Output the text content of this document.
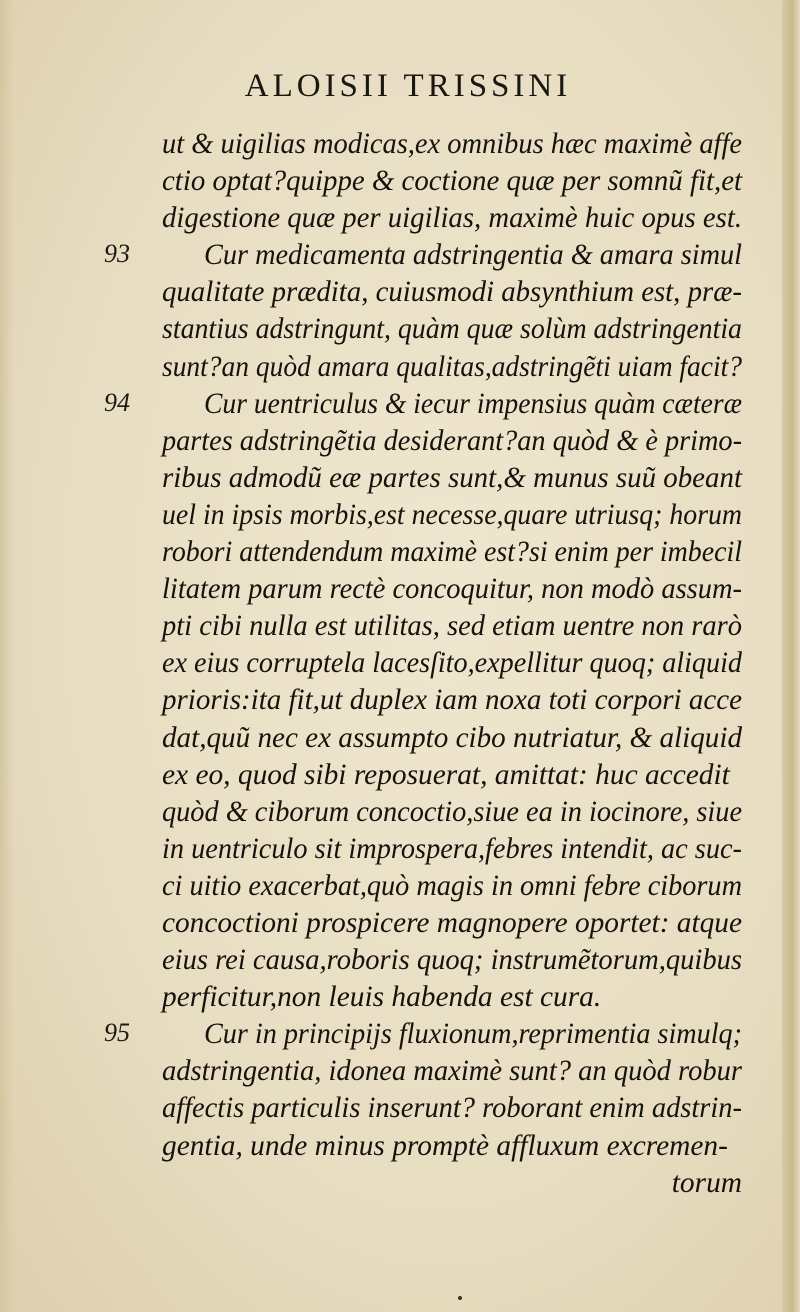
ALOISII TRISSINI
93
94
95
ut & uigilias modicas,ex omnibus hæc maximè affe
ctio optat?quippe & coctione quæ per somnũ fit,et
digestione quæ per uigilias, maximè huic opus est.
Cur medicamenta adstringentia & amara simul
qualitate prædita, cuiusmodi absynthium est, præ-
stantius adstringunt, quàm quæ solùm adstringentia
sunt?an quòd amara qualitas,adstringẽti uiam facit?
Cur uentriculus & iecur impensius quàm cæteræ
partes adstringẽtia desiderant?an quòd & è primo-
ribus admodũ eæ partes sunt,& munus suũ obeant
uel in ipsis morbis,est necesse,quare utriusq; horum
robori attendendum maximè est?si enim per imbecil
litatem parum rectè concoquitur, non modò assum-
pti cibi nulla est utilitas, sed etiam uentre non rarò
ex eius corruptela lacesſito,expellitur quoq; aliquid
prioris:ita fit,ut duplex iam noxa toti corpori acce
dat,quũ nec ex assumpto cibo nutriatur, & aliquid
ex eo, quod sibi reposuerat, amittat: huc accedit
quòd & ciborum concoctio,siue ea in iocinore, siue
in uentriculo sit improspera,febres intendit, ac suc-
ci uitio exacerbat,quò magis in omni febre ciborum
concoctioni prospicere magnopere oportet: atque
eius rei causa,roboris quoq; instrumẽtorum,quibus
perficitur,non leuis habenda est cura.
Cur in principijs fluxionum,reprimentia simulq;
adstringentia, idonea maximè sunt? an quòd robur
affectis particulis inserunt? roborant enim adstrin-
gentia, unde minus promptè affluxum excremen-
torum
